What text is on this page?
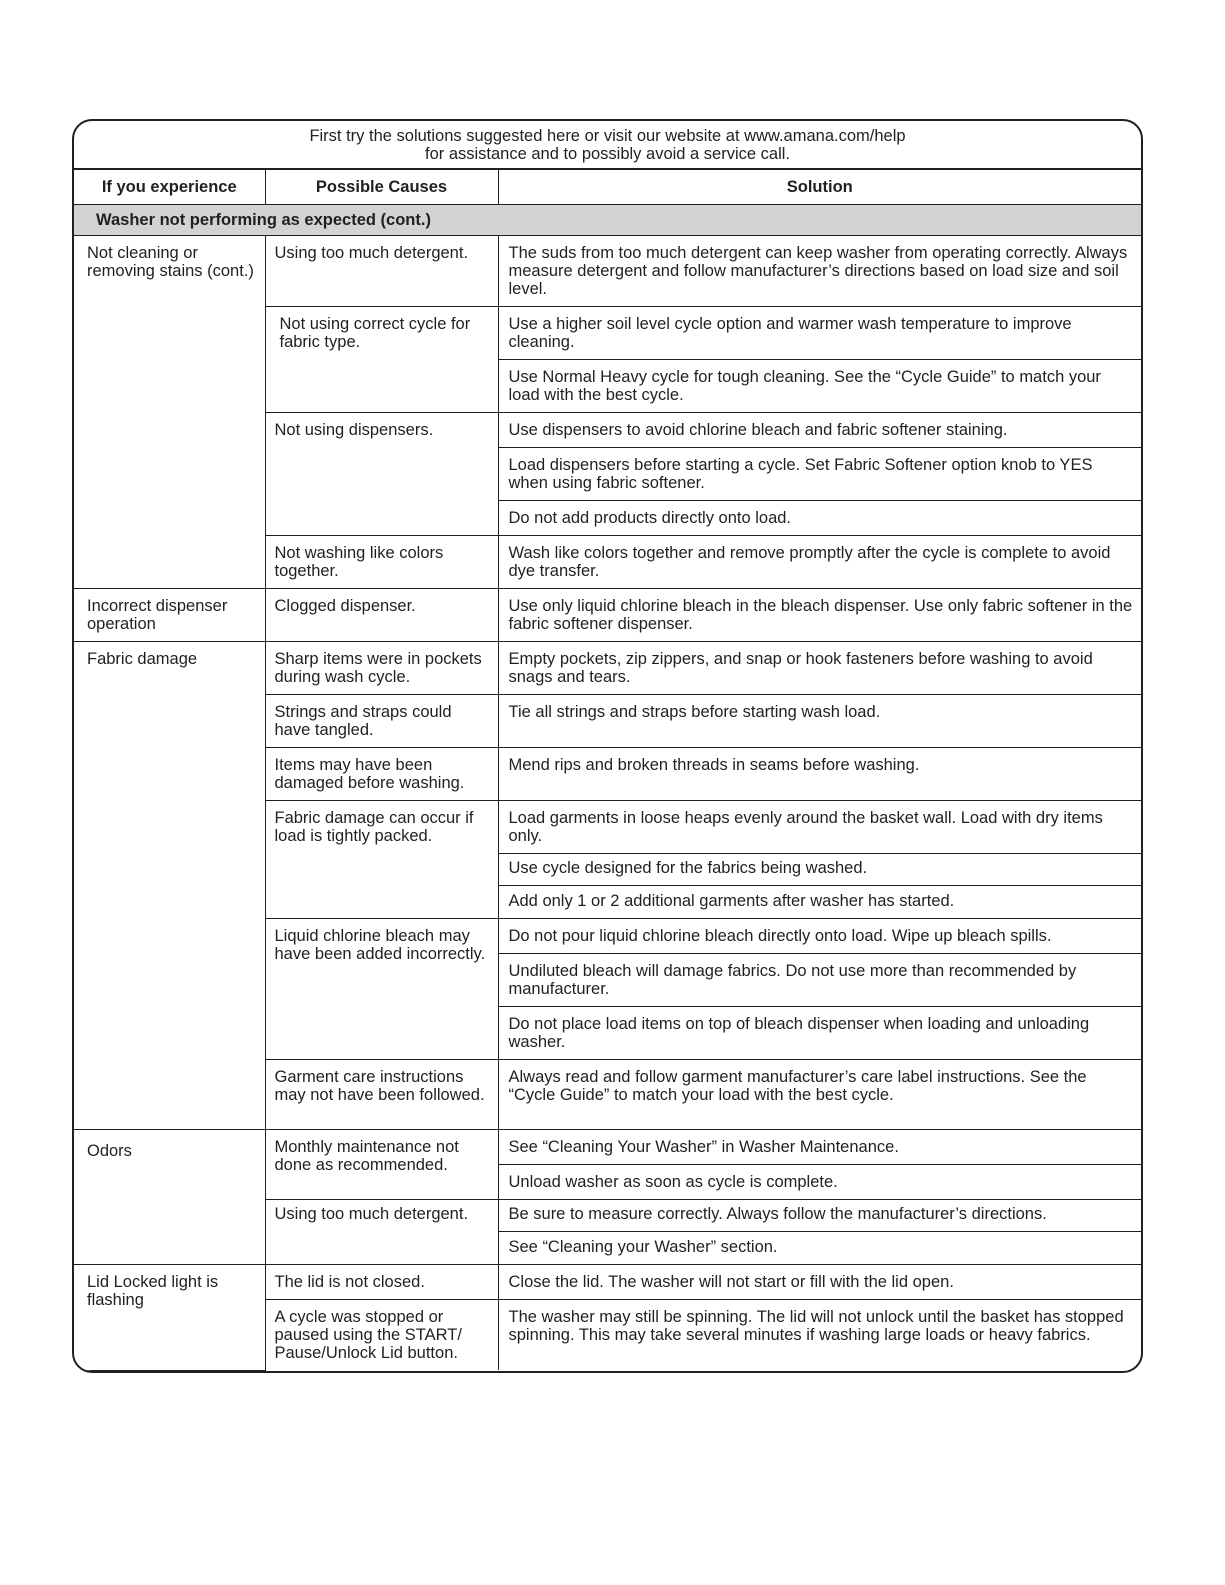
First try the solutions suggested here or visit our website at www.amana.com/help
for assistance and to possibly avoid a service call.
If you experience	Possible Causes	Solution
Washer not performing as expected (cont.)		
Not cleaning or removing stains (cont.)	Using too much detergent.	The suds from too much detergent can keep washer from operating correctly. Always measure detergent and follow manufacturer’s directions based on load size and soil level.
	Not using correct cycle for fabric type.	Use a higher soil level cycle option and warmer wash temperature to improve cleaning.
		Use Normal Heavy cycle for tough cleaning. See the “Cycle Guide” to match your load with the best cycle.
	Not using dispensers.	Use dispensers to avoid chlorine bleach and fabric softener staining.
		Load dispensers before starting a cycle. Set Fabric Softener option knob to YES when using fabric softener.
		Do not add products directly onto load.
	Not washing like colors together.	Wash like colors together and remove promptly after the cycle is complete to avoid dye transfer.
Incorrect dispenser operation	Clogged dispenser.	Use only liquid chlorine bleach in the bleach dispenser. Use only fabric softener in the fabric softener dispenser.
Fabric damage	Sharp items were in pockets during wash cycle.	Empty pockets, zip zippers, and snap or hook fasteners before washing to avoid snags and tears.
	Strings and straps could have tangled.	Tie all strings and straps before starting wash load.
	Items may have been damaged before washing.	Mend rips and broken threads in seams before washing.
	Fabric damage can occur if load is tightly packed.	Load garments in loose heaps evenly around the basket wall. Load with dry items only.
		Use cycle designed for the fabrics being washed.
		Add only 1 or 2 additional garments after washer has started.
	Liquid chlorine bleach may have been added incorrectly.	Do not pour liquid chlorine bleach directly onto load. Wipe up bleach spills.
		Undiluted bleach will damage fabrics. Do not use more than recommended by manufacturer.
		Do not place load items on top of bleach dispenser when loading and unloading washer.
	Garment care instructions may not have been followed.	Always read and follow garment manufacturer’s care label instructions. See the “Cycle Guide” to match your load with the best cycle.
Odors	Monthly maintenance not done as recommended.	See “Cleaning Your Washer” in Washer Maintenance.
		Unload washer as soon as cycle is complete.
	Using too much detergent.	Be sure to measure correctly. Always follow the manufacturer’s directions.
		See “Cleaning your Washer” section.
Lid Locked light is flashing	The lid is not closed.	Close the lid. The washer will not start or fill with the lid open.
	A cycle was stopped or paused using the START/ Pause/Unlock Lid button.	The washer may still be spinning. The lid will not unlock until the basket has stopped spinning. This may take several minutes if washing large loads or heavy fabrics.
